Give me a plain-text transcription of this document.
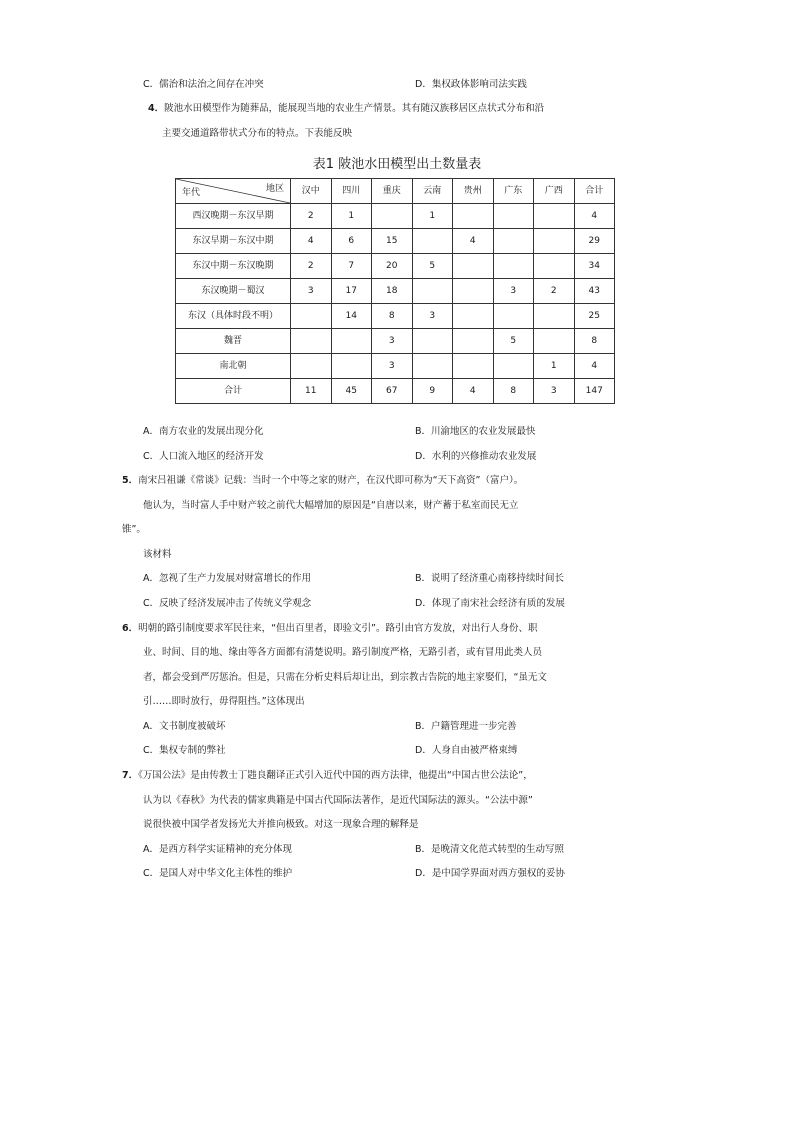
C．儒治和法治之间存在冲突	D．集权政体影响司法实践
4．陂池水田模型作为随葬品，能展现当地的农业生产情景。其有随汉族移居区点状式分布和沿
主要交通道路带状式分布的特点。下表能反映
表1 陂池水田模型出土数量表
年代 地区	汉中	四川	重庆	云南	贵州	广东	广西	合计
西汉晚期－东汉早期	2	1		1				4
东汉早期－东汉中期	4	6	15		4			29
东汉中期－东汉晚期	2	7	20	5				34
东汉晚期－蜀汉	3	17	18			3	2	43
东汉（具体时段不明）		14	8	3				25
魏晋			3			5		8
南北朝			3				1	4
合计	11	45	67	9	4	8	3	147
A．南方农业的发展出现分化	B．川渝地区的农业发展最快
C．人口流入地区的经济开发	D．水利的兴修推动农业发展
5．南宋吕祖谦《常谈》记载：当时一个中等之家的财产，在汉代即可称为“天下高资”（富户）。
他认为，当时富人手中财产较之前代大幅增加的原因是“自唐以来，财产蓄于私室而民无立
锥”。
该材料
A．忽视了生产力发展对财富增长的作用	B．说明了经济重心南移持续时间长
C．反映了经济发展冲击了传统义学观念	D．体现了南宋社会经济有质的发展
6．明朝的路引制度要求军民往来，“但出百里者，即验文引”。路引由官方发放，对出行人身份、职
业、时间、目的地、缘由等各方面都有清楚说明。路引制度严格，无路引者，或有冒用此类人员
者，都会受到严厉惩治。但是，只需在分析史料后却让出，到宗教古告院的地主家娶们，“虽无文
引……即时放行，毋得阻挡。”这体现出
A．文书制度被破坏	B．户籍管理进一步完善
C．集权专制的弊社	D．人身自由被严格束缚
7．《万国公法》是由传教士丁韪良翻译正式引入近代中国的西方法律，他提出“中国古世公法论”，
认为以《春秋》为代表的儒家典籍是中国古代国际法著作，是近代国际法的源头。“公法中源”
说很快被中国学者发扬光大并推向极致。对这一现象合理的解释是
A．是西方科学实证精神的充分体现	B．是晚清文化范式转型的生动写照
C．是国人对中华文化主体性的维护	D．是中国学界面对西方强权的妥协
